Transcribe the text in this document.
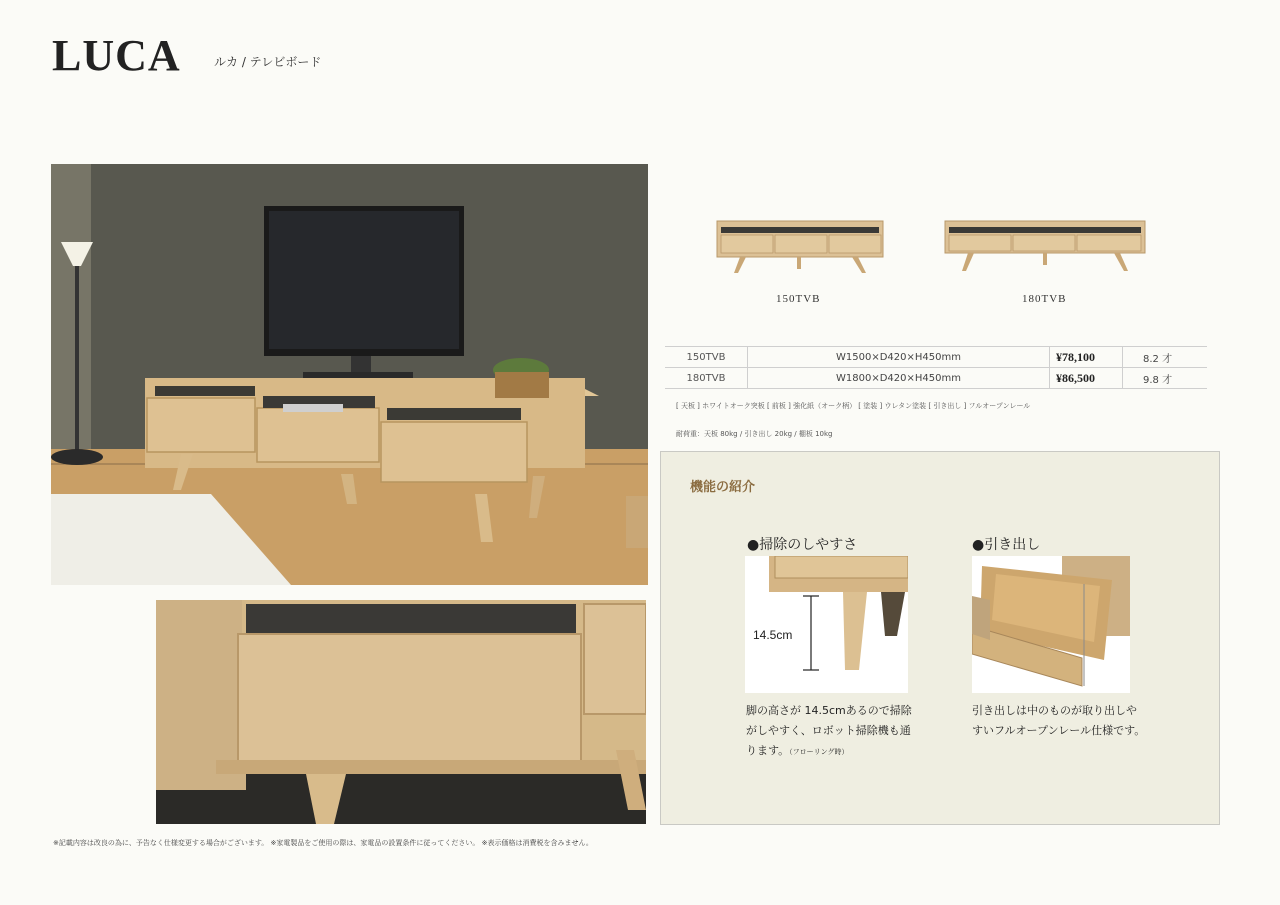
LUCA	ルカ / テレビボード
150TVB	180TVB
150TVB	W1500×D420×H450mm	¥78,100	8.2 才
180TVB	W1800×D420×H450mm	¥86,500	9.8 才
[ 天板 ] ホワイトオーク突板 [ 前板 ] 強化紙（オーク柄） [ 塗装 ] ウレタン塗装 [ 引き出し ] フルオープンレール
耐荷重：天板 80kg / 引き出し 20kg / 棚板 10kg
機能の紹介
●掃除のしやすさ
14.5cm
脚の高さが 14.5cmあるので掃除がしやすく、ロボット掃除機も通ります。（フローリング時）
●引き出し
引き出しは中のものが取り出しやすいフルオープンレール仕様です。
※記載内容は改良の為に、予告なく仕様変更する場合がございます。 ※家電製品をご使用の際は、家電品の設置条件に従ってください。 ※表示価格は消費税を含みません。
